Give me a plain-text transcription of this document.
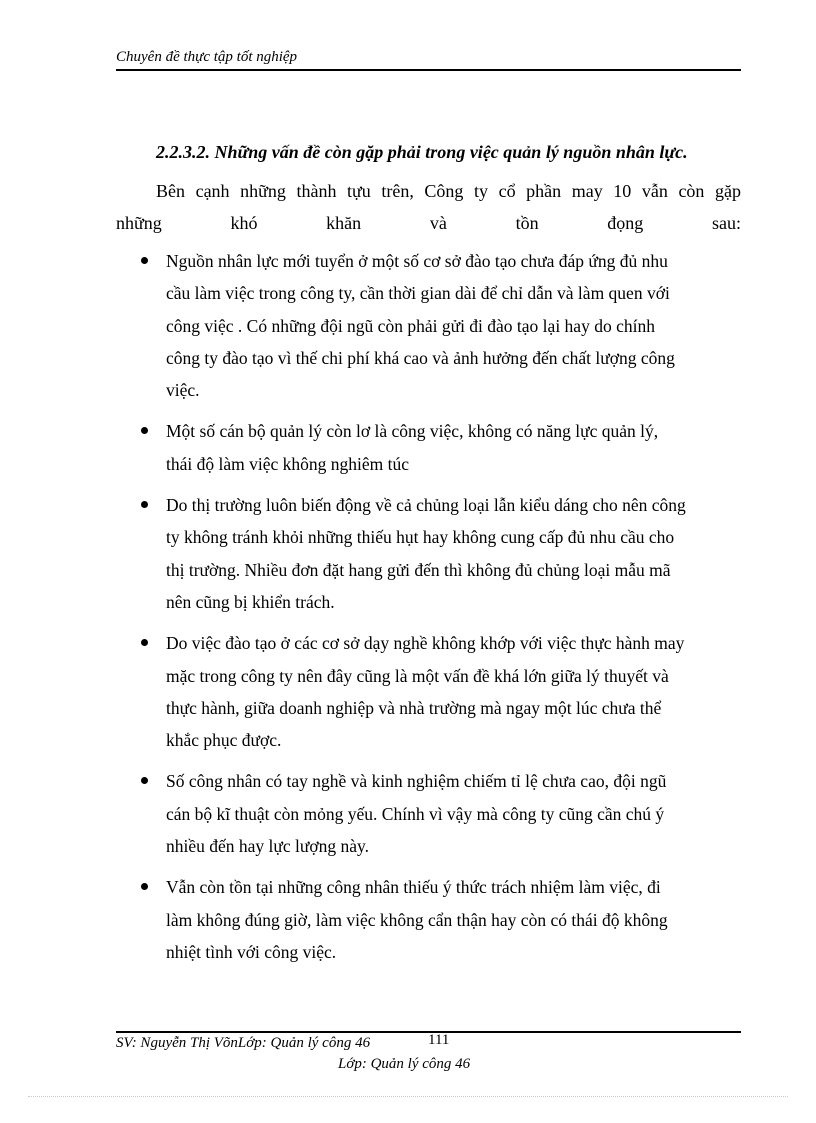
Chuyên đề thực tập tốt nghiệp
2.2.3.2. Những vấn đề còn gặp phải trong việc quản lý nguồn nhân lực.
Bên cạnh những thành tựu trên, Công ty cổ phần may 10 vẫn còn gặp
những khó khăn và tồn đọng sau:
Nguồn nhân lực mới tuyển ở một số cơ sở đào tạo chưa đáp ứng đủ nhu
cầu làm việc trong công ty, cần thời gian dài để chỉ dẫn và làm quen với
công việc . Có những đội ngũ còn phải gửi đi đào tạo lại hay do chính
công ty đào tạo vì thế chi phí khá cao và ảnh hưởng đến chất lượng công
việc.
Một số cán bộ quản lý còn lơ là công việc, không có năng lực quản lý,
thái độ làm việc không nghiêm túc
Do thị trường luôn biến động về cả chủng loại lẫn kiểu dáng cho nên công
ty không tránh khỏi những thiếu hụt hay không cung cấp đủ nhu cầu cho
thị trường. Nhiều đơn đặt hang gửi đến thì không đủ chủng loại mẫu mã
nên cũng bị khiển trách.
Do việc đào tạo ở các cơ sở dạy nghề không khớp với việc thực hành may
mặc trong công ty nên đây cũng là một vấn đề khá lớn giữa lý thuyết và
thực hành, giữa doanh nghiệp và nhà trường mà ngay một lúc chưa thể
khắc phục được.
Số công nhân có tay nghề và kinh nghiệm chiếm tỉ lệ chưa cao, đội ngũ
cán bộ kĩ thuật còn mỏng yếu. Chính vì vậy mà công ty cũng cần chú ý
nhiều đến hay lực lượng này.
Vẫn còn tồn tại những công nhân thiếu ý thức trách nhiệm làm việc, đi
làm không đúng giờ, làm việc không cẩn thận hay còn có thái độ không
nhiệt tình với công việc.
SV: Nguyễn Thị VõnLớp: Quản lý công 46	111
Lớp: Quản lý công 46
